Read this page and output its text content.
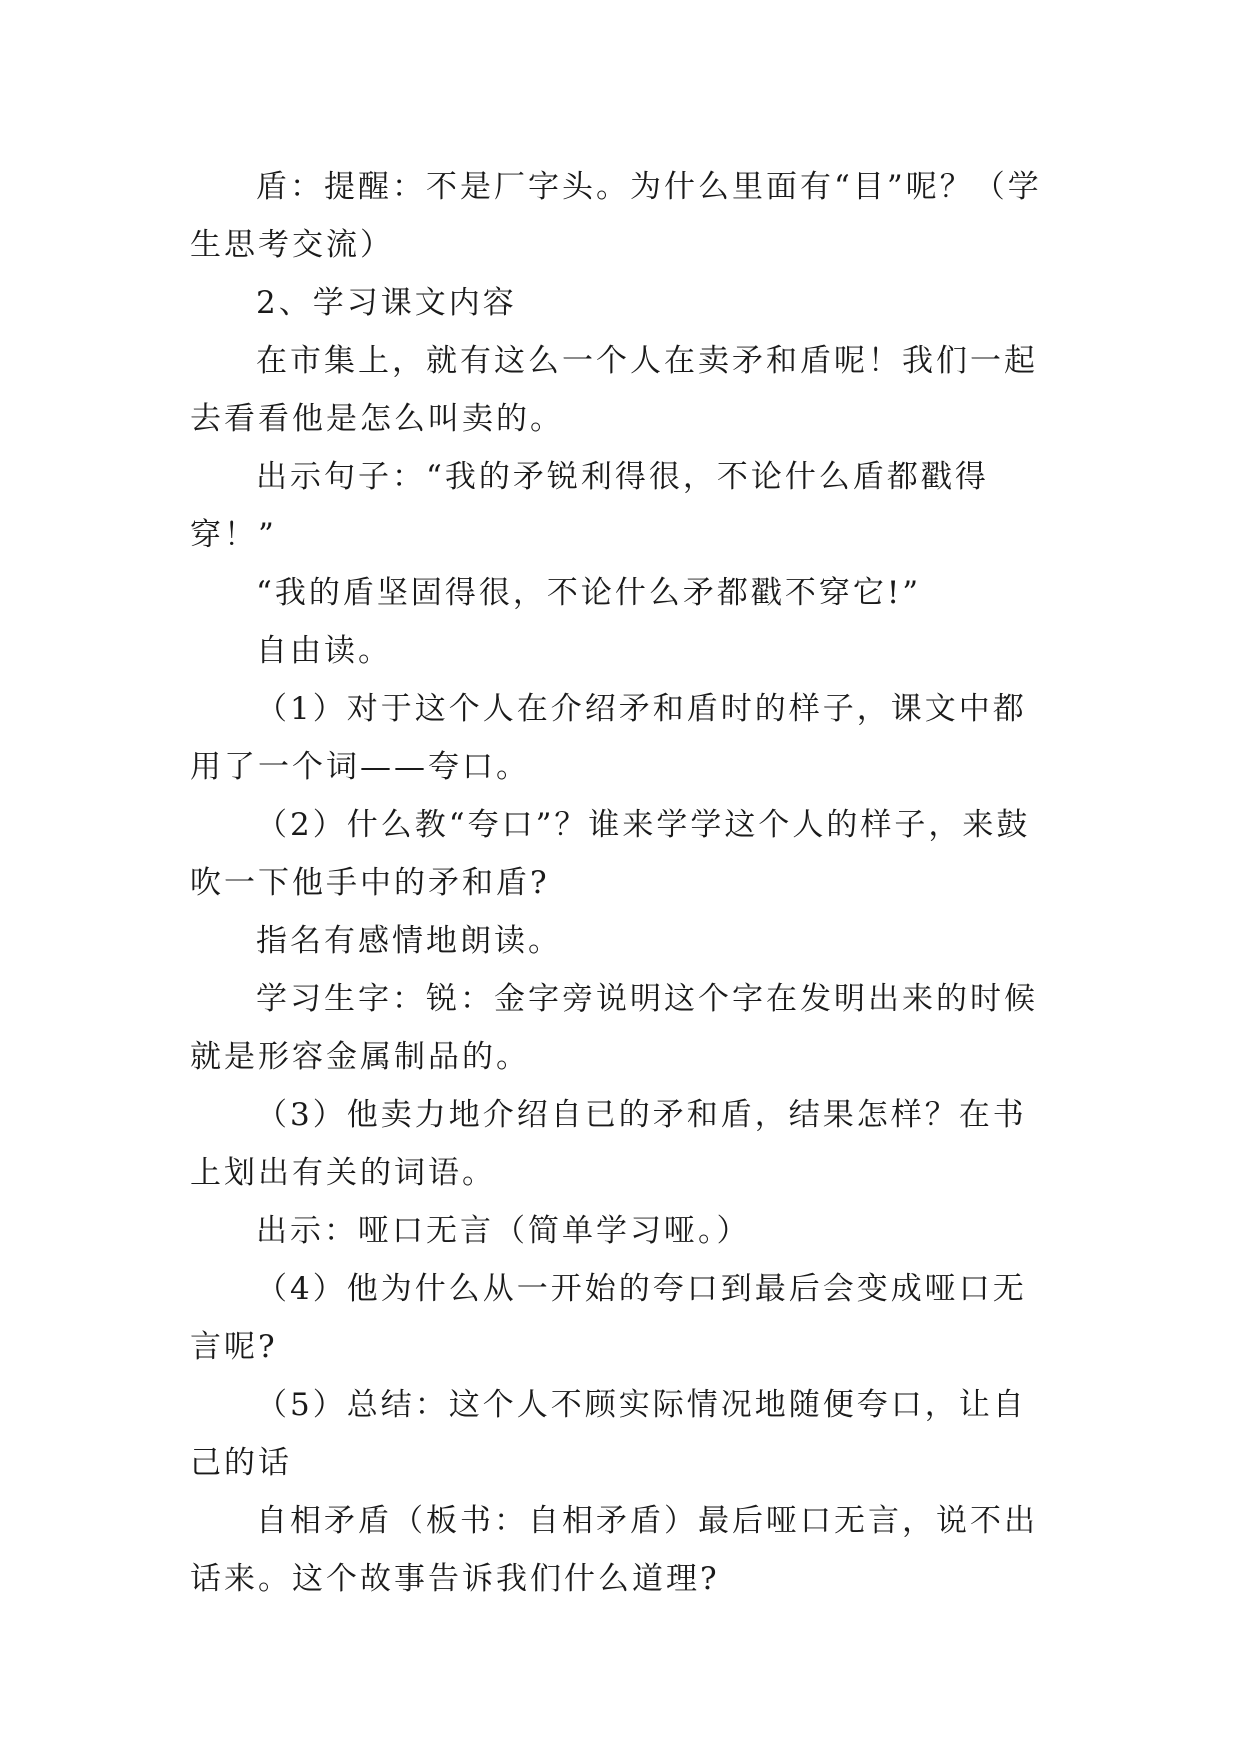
盾：提醒：不是厂字头。为什么里面有“目”呢？（学生思考交流）

2、学习课文内容

在市集上，就有这么一个人在卖矛和盾呢！我们一起去看看他是怎么叫卖的。

出示句子：“我的矛锐利得很，不论什么盾都戳得穿！”

“我的盾坚固得很，不论什么矛都戳不穿它!”

自由读。

（1）对于这个人在介绍矛和盾时的样子，课文中都用了一个词——夸口。

（2）什么教“夸口”？谁来学学这个人的样子，来鼓吹一下他手中的矛和盾?

指名有感情地朗读。

学习生字：锐：金字旁说明这个字在发明出来的时候就是形容金属制品的。

（3）他卖力地介绍自已的矛和盾，结果怎样？在书上划出有关的词语。

出示：哑口无言（简单学习哑。）

（4）他为什么从一开始的夸口到最后会变成哑口无言呢?

（5）总结：这个人不顾实际情况地随便夸口，让自己的话

自相矛盾（板书：自相矛盾）最后哑口无言，说不出话来。这个故事告诉我们什么道理?
